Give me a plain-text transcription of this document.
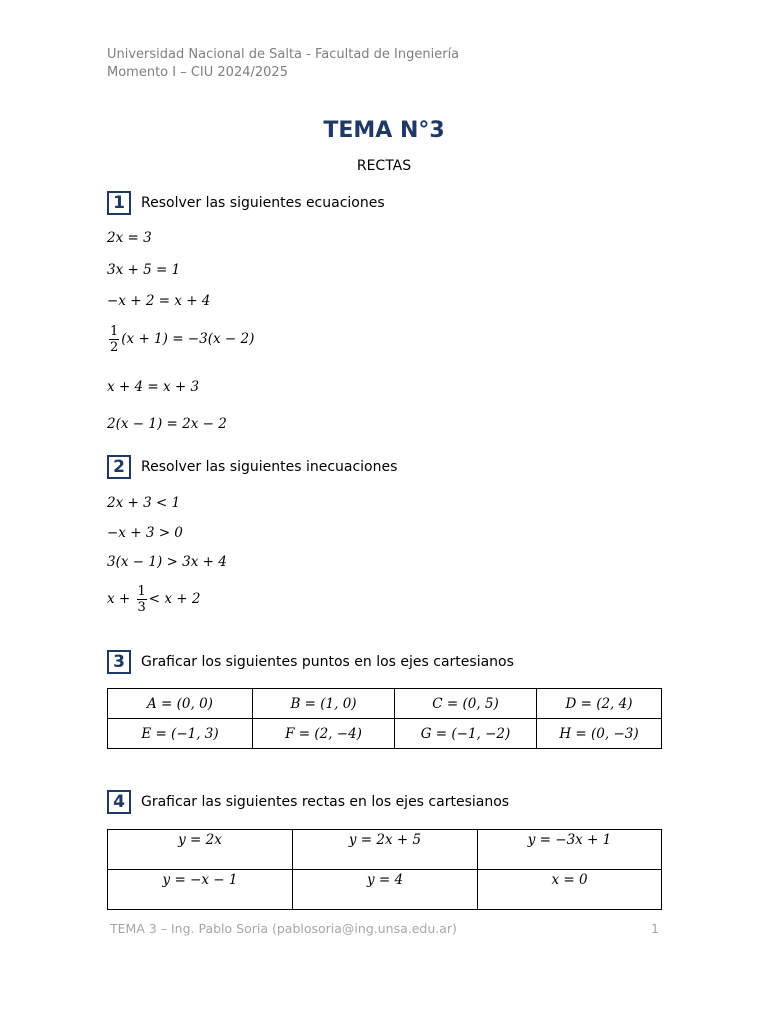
Universidad Nacional de Salta - Facultad de Ingeniería
Momento I – CIU 2024/2025
TEMA N°3
RECTAS
1	Resolver las siguientes ecuaciones
2x = 3
3x + 5 = 1
−x + 2 = x + 4
$\frac{1}{2} (x + 1) = -3(x - 2)$
x + 4 = x + 3
2(x − 1) = 2x − 2
2	Resolver las siguientes inecuaciones
2x + 3 < 1
−x + 3 > 0
3(x − 1) > 3x + 4
$x + \frac{1}{3} < x + 2$
3	Graficar los siguientes puntos en los ejes cartesianos
A = (0, 0)	B = (1, 0)	C = (0, 5)	D = (2, 4)
E = (−1, 3)	F = (2, −4)	G = (−1, −2)	H = (0, −3)
4	Graficar las siguientes rectas en los ejes cartesianos
y = 2x	y = 2x + 5	y = −3x + 1
y = −x − 1	y = 4	x = 0
TEMA 3 – Ing. Pablo Soria (pablosoria@ing.unsa.edu.ar)	1
